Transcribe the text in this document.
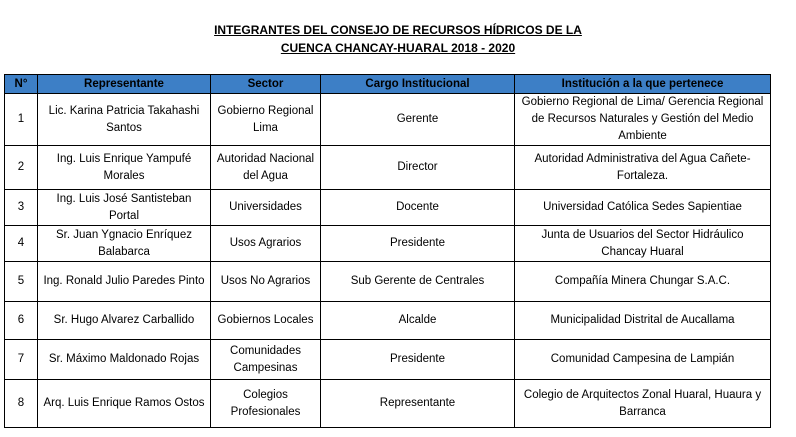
INTEGRANTES DEL CONSEJO DE RECURSOS HÍDRICOS DE LA
CUENCA CHANCAY-HUARAL 2018 - 2020
N°	Representante	Sector	Cargo Institucional	Institución a la que pertenece
1	Lic. Karina Patricia Takahashi Santos	Gobierno Regional Lima	Gerente	Gobierno Regional de Lima/ Gerencia Regional de Recursos Naturales y Gestión del Medio Ambiente
2	Ing. Luis Enrique Yampufé Morales	Autoridad Nacional del Agua	Director	Autoridad Administrativa del Agua Cañete-Fortaleza.
3	Ing. Luis José Santisteban Portal	Universidades	Docente	Universidad Católica Sedes Sapientiae
4	Sr. Juan Ygnacio Enríquez Balabarca	Usos Agrarios	Presidente	Junta de Usuarios del Sector Hidráulico Chancay Huaral
5	Ing. Ronald Julio Paredes Pinto	Usos No Agrarios	Sub Gerente de Centrales	Compañía Minera Chungar S.A.C.
6	Sr. Hugo Alvarez Carballido	Gobiernos Locales	Alcalde	Municipalidad Distrital de Aucallama
7	Sr. Máximo Maldonado Rojas	Comunidades Campesinas	Presidente	Comunidad Campesina de Lampián
8	Arq. Luis Enrique Ramos Ostos	Colegios Profesionales	Representante	Colegio de Arquitectos Zonal Huaral, Huaura y Barranca
